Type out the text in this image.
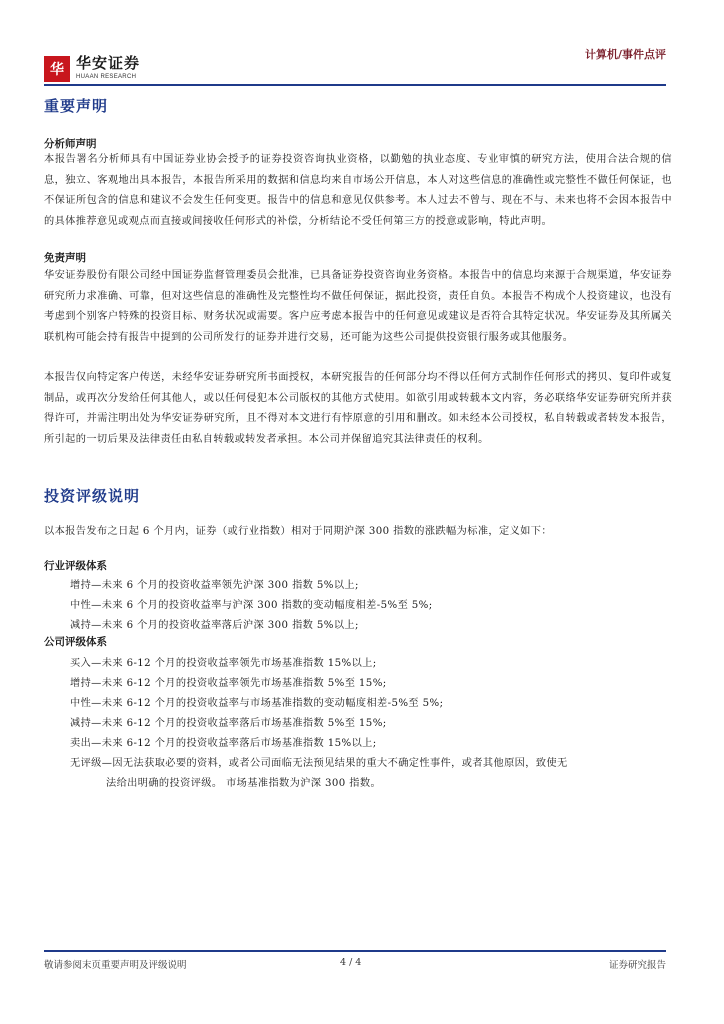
华 华安证券
HUAAN RESEARCH
计算机/事件点评
重要声明
分析师声明

本报告署名分析师具有中国证券业协会授予的证券投资咨询执业资格，以勤勉的执业态度、专业审慎的研究方法，使用合法合规的信息，独立、客观地出具本报告，本报告所采用的数据和信息均来自市场公开信息，本人对这些信息的准确性或完整性不做任何保证，也不保证所包含的信息和建议不会发生任何变更。报告中的信息和意见仅供参考。本人过去不曾与、现在不与、未来也将不会因本报告中的具体推荐意见或观点而直接或间接收任何形式的补偿，分析结论不受任何第三方的授意或影响，特此声明。

免责声明

华安证券股份有限公司经中国证券监督管理委员会批准，已具备证券投资咨询业务资格。本报告中的信息均来源于合规渠道，华安证券研究所力求准确、可靠，但对这些信息的准确性及完整性均不做任何保证，据此投资，责任自负。本报告不构成个人投资建议，也没有考虑到个别客户特殊的投资目标、财务状况或需要。客户应考虑本报告中的任何意见或建议是否符合其特定状况。华安证券及其所属关联机构可能会持有报告中提到的公司所发行的证券并进行交易，还可能为这些公司提供投资银行服务或其他服务。

本报告仅向特定客户传送，未经华安证券研究所书面授权，本研究报告的任何部分均不得以任何方式制作任何形式的拷贝、复印件或复制品，或再次分发给任何其他人，或以任何侵犯本公司版权的其他方式使用。如欲引用或转载本文内容，务必联络华安证券研究所并获得许可，并需注明出处为华安证券研究所，且不得对本文进行有悖原意的引用和删改。如未经本公司授权，私自转载或者转发本报告，所引起的一切后果及法律责任由私自转载或转发者承担。本公司并保留追究其法律责任的权利。

投资评级说明

以本报告发布之日起 6 个月内，证券（或行业指数）相对于同期沪深 300 指数的涨跌幅为标准，定义如下：

行业评级体系

增持—未来 6 个月的投资收益率领先沪深 300 指数 5%以上;

中性—未来 6 个月的投资收益率与沪深 300 指数的变动幅度相差-5%至 5%;

减持—未来 6 个月的投资收益率落后沪深 300 指数 5%以上;

公司评级体系

买入—未来 6-12 个月的投资收益率领先市场基准指数 15%以上;

增持—未来 6-12 个月的投资收益率领先市场基准指数 5%至 15%;

中性—未来 6-12 个月的投资收益率与市场基准指数的变动幅度相差-5%至 5%;

减持—未来 6-12 个月的投资收益率落后市场基准指数 5%至 15%;

卖出—未来 6-12 个月的投资收益率落后市场基准指数 15%以上;

无评级—因无法获取必要的资料，或者公司面临无法预见结果的重大不确定性事件，或者其他原因，致使无

法给出明确的投资评级。 市场基准指数为沪深 300 指数。

敬请参阅末页重要声明及评级说明	4 / 4	证券研究报告
